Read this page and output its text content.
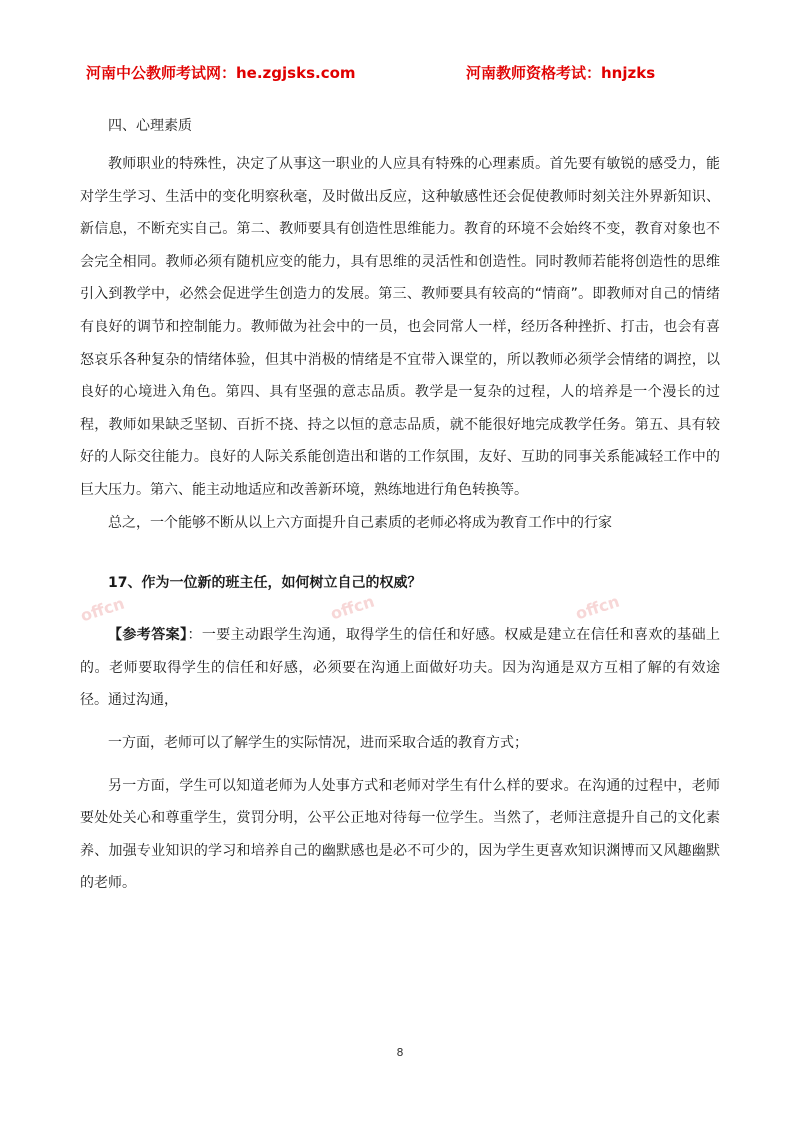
河南中公教师考试网：he.zgjsks.com	河南教师资格考试：hnjzks
offcn	offcn	offcn

四、心理素质

教师职业的特殊性，决定了从事这一职业的人应具有特殊的心理素质。首先要有敏锐的感受力，能对学生学习、生活中的变化明察秋毫，及时做出反应，这种敏感性还会促使教师时刻关注外界新知识、新信息，不断充实自己。第二、教师要具有创造性思维能力。教育的环境不会始终不变，教育对象也不会完全相同。教师必须有随机应变的能力，具有思维的灵活性和创造性。同时教师若能将创造性的思维引入到教学中，必然会促进学生创造力的发展。第三、教师要具有较高的“情商”。即教师对自己的情绪有良好的调节和控制能力。教师做为社会中的一员，也会同常人一样，经历各种挫折、打击，也会有喜怒哀乐各种复杂的情绪体验，但其中消极的情绪是不宜带入课堂的，所以教师必须学会情绪的调控，以良好的心境进入角色。第四、具有坚强的意志品质。教学是一复杂的过程，人的培养是一个漫长的过程，教师如果缺乏坚韧、百折不挠、持之以恒的意志品质，就不能很好地完成教学任务。第五、具有较好的人际交往能力。良好的人际关系能创造出和谐的工作氛围，友好、互助的同事关系能减轻工作中的巨大压力。第六、能主动地适应和改善新环境，熟练地进行角色转换等。

总之，一个能够不断从以上六方面提升自己素质的老师必将成为教育工作中的行家

17、作为一位新的班主任，如何树立自己的权威？

【参考答案】：一要主动跟学生沟通，取得学生的信任和好感。权威是建立在信任和喜欢的基础上的。老师要取得学生的信任和好感，必须要在沟通上面做好功夫。因为沟通是双方互相了解的有效途径。通过沟通，

一方面，老师可以了解学生的实际情况，进而采取合适的教育方式；

另一方面，学生可以知道老师为人处事方式和老师对学生有什么样的要求。在沟通的过程中，老师要处处关心和尊重学生，赏罚分明，公平公正地对待每一位学生。当然了，老师注意提升自己的文化素养、加强专业知识的学习和培养自己的幽默感也是必不可少的，因为学生更喜欢知识渊博而又风趣幽默的老师。

8
